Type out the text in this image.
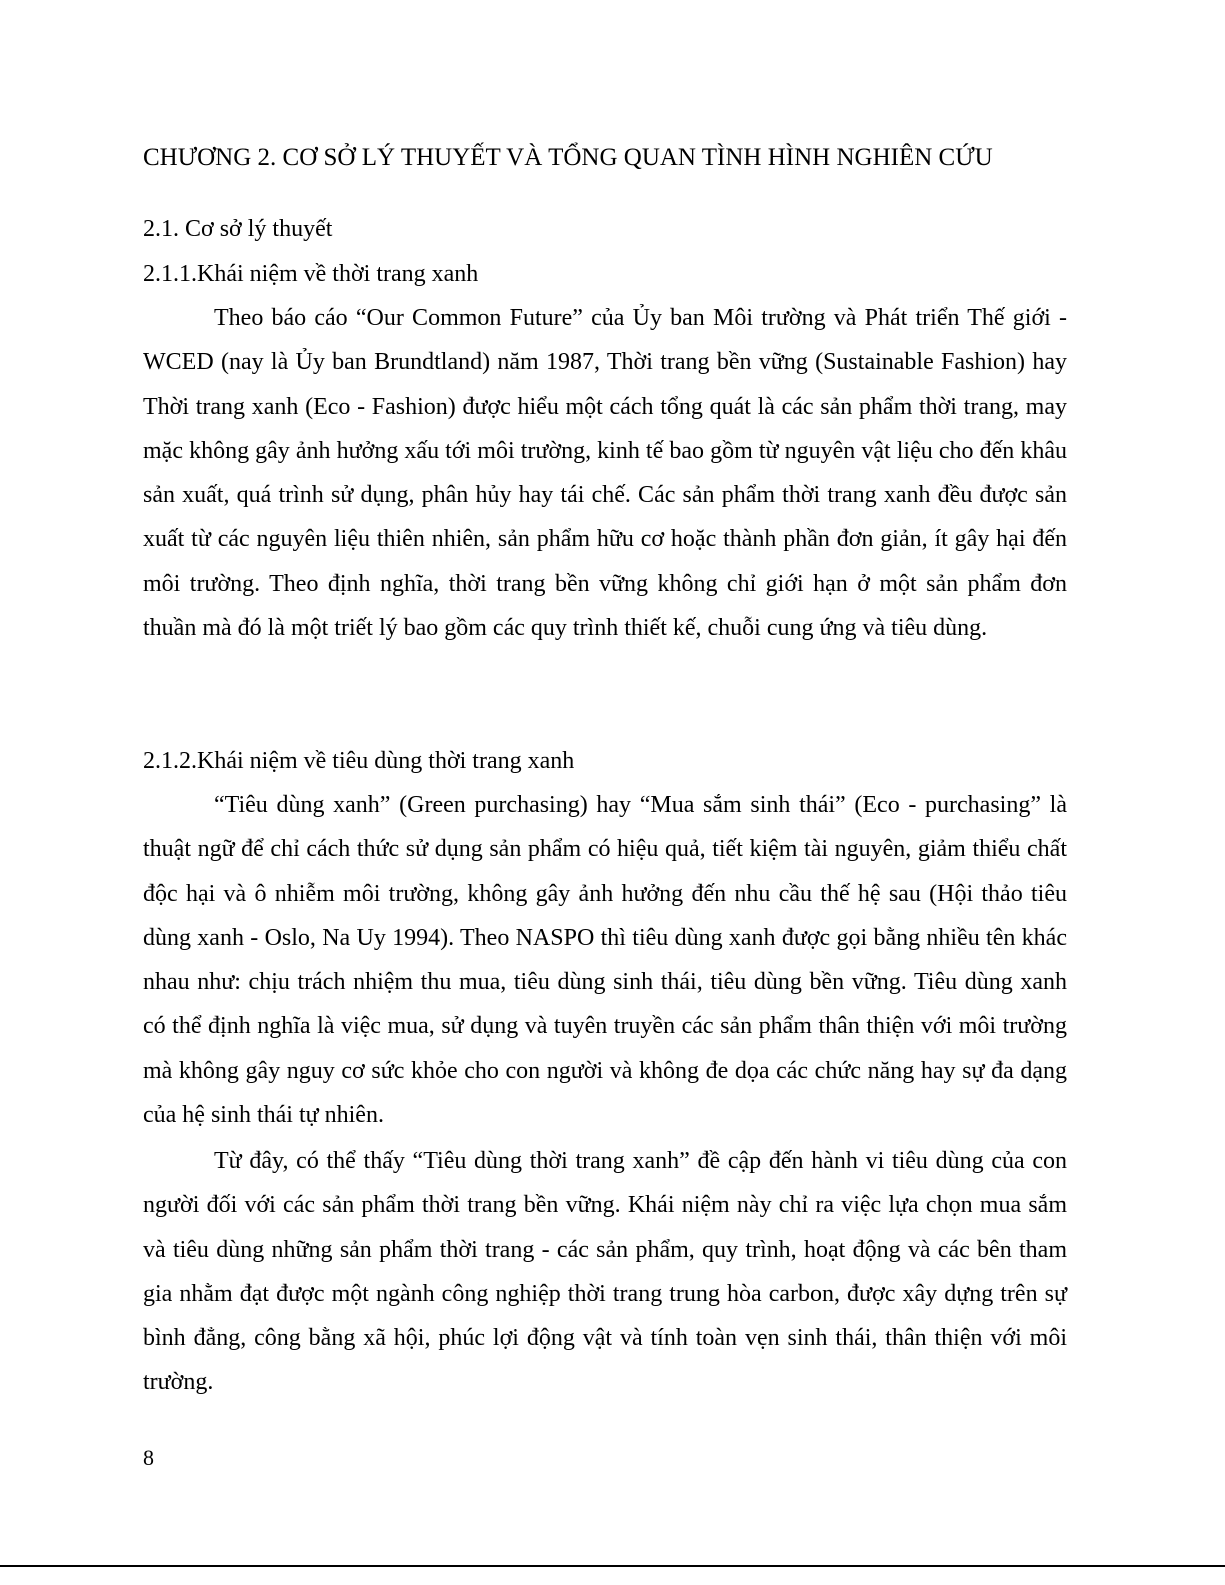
CHƯƠNG 2. CƠ SỞ LÝ THUYẾT VÀ TỔNG QUAN TÌNH HÌNH NGHIÊN CỨU
2.1. Cơ sở lý thuyết
2.1.1.Khái niệm về thời trang xanh

Theo báo cáo “Our Common Future” của Ủy ban Môi trường và Phát triển Thế giới - WCED (nay là Ủy ban Brundtland) năm 1987, Thời trang bền vững (Sustainable Fashion) hay Thời trang xanh (Eco - Fashion) được hiểu một cách tổng quát là các sản phẩm thời trang, may mặc không gây ảnh hưởng xấu tới môi trường, kinh tế bao gồm từ nguyên vật liệu cho đến khâu sản xuất, quá trình sử dụng, phân hủy hay tái chế. Các sản phẩm thời trang xanh đều được sản xuất từ các nguyên liệu thiên nhiên, sản phẩm hữu cơ hoặc thành phần đơn giản, ít gây hại đến môi trường. Theo định nghĩa, thời trang bền vững không chỉ giới hạn ở một sản phẩm đơn thuần mà đó là một triết lý bao gồm các quy trình thiết kế, chuỗi cung ứng và tiêu dùng.

2.1.2.Khái niệm về tiêu dùng thời trang xanh

“Tiêu dùng xanh” (Green purchasing) hay “Mua sắm sinh thái” (Eco - purchasing” là thuật ngữ để chỉ cách thức sử dụng sản phẩm có hiệu quả, tiết kiệm tài nguyên, giảm thiểu chất độc hại và ô nhiễm môi trường, không gây ảnh hưởng đến nhu cầu thế hệ sau (Hội thảo tiêu dùng xanh - Oslo, Na Uy 1994). Theo NASPO thì tiêu dùng xanh được gọi bằng nhiều tên khác nhau như: chịu trách nhiệm thu mua, tiêu dùng sinh thái, tiêu dùng bền vững. Tiêu dùng xanh có thể định nghĩa là việc mua, sử dụng và tuyên truyền các sản phẩm thân thiện với môi trường mà không gây nguy cơ sức khỏe cho con người và không đe dọa các chức năng hay sự đa dạng của hệ sinh thái tự nhiên.

Từ đây, có thể thấy “Tiêu dùng thời trang xanh” đề cập đến hành vi tiêu dùng của con người đối với các sản phẩm thời trang bền vững. Khái niệm này chỉ ra việc lựa chọn mua sắm và tiêu dùng những sản phẩm thời trang - các sản phẩm, quy trình, hoạt động và các bên tham gia nhằm đạt được một ngành công nghiệp thời trang trung hòa carbon, được xây dựng trên sự bình đẳng, công bằng xã hội, phúc lợi động vật và tính toàn vẹn sinh thái, thân thiện với môi trường.

8
